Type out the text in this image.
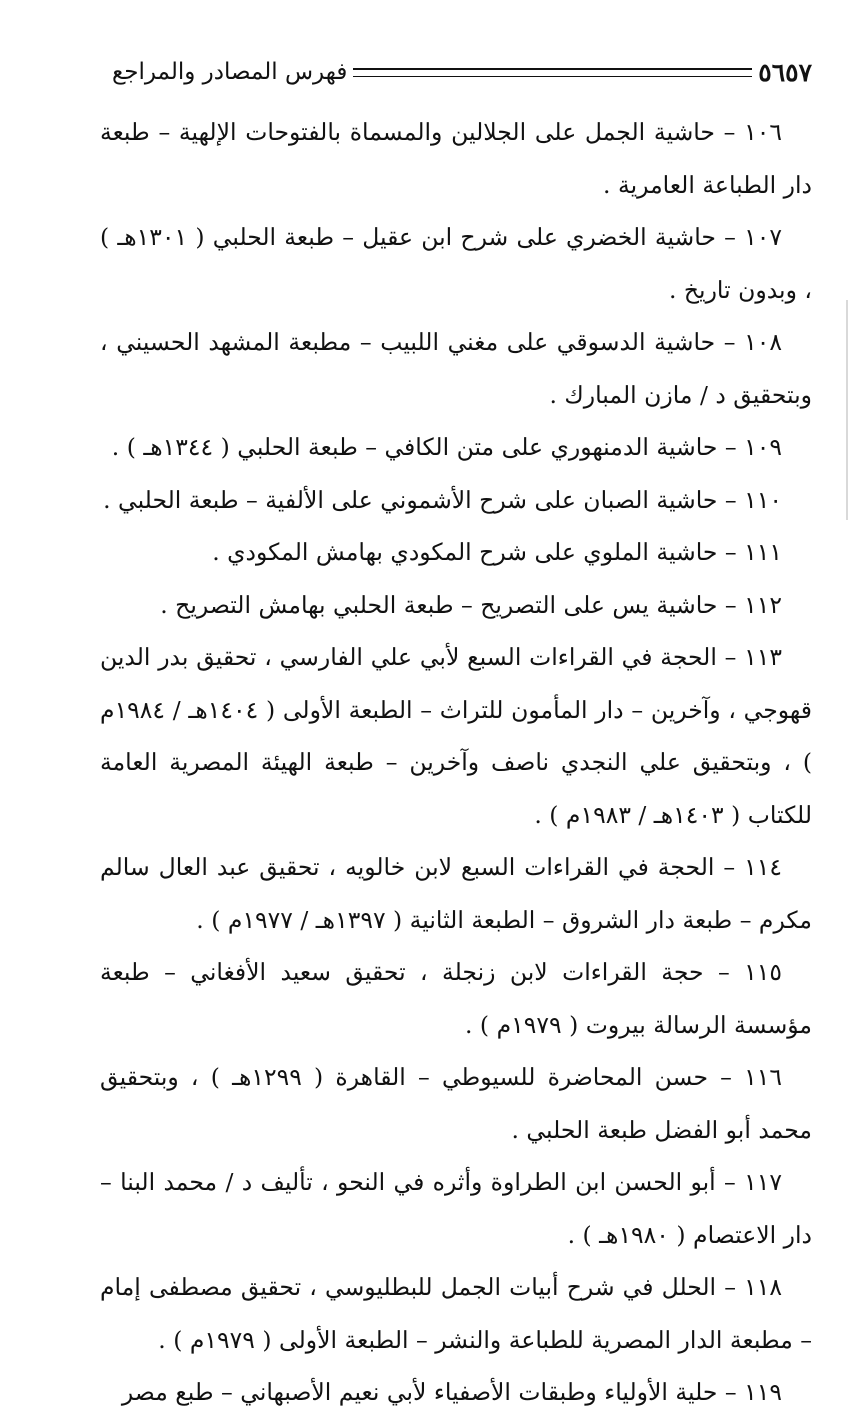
فهرس المصادر والمراجع	٥٦٥٧

١٠٦ – حاشية الجمل على الجلالين والمسماة بالفتوحات الإلهية – طبعة دار الطباعة العامرية .

١٠٧ – حاشية الخضري على شرح ابن عقيل – طبعة الحلبي ( ١٣٠١هـ ) ، وبدون تاريخ .

١٠٨ – حاشية الدسوقي على مغني اللبيب – مطبعة المشهد الحسيني ، وبتحقيق د / مازن المبارك .

١٠٩ – حاشية الدمنهوري على متن الكافي – طبعة الحلبي ( ١٣٤٤هـ ) .

١١٠ – حاشية الصبان على شرح الأشموني على الألفية – طبعة الحلبي .

١١١ – حاشية الملوي على شرح المكودي بهامش المكودي .

١١٢ – حاشية يس على التصريح – طبعة الحلبي بهامش التصريح .

١١٣ – الحجة في القراءات السبع لأبي علي الفارسي ، تحقيق بدر الدين قهوجي ، وآخرين – دار المأمون للتراث – الطبعة الأولى ( ١٤٠٤هـ / ١٩٨٤م ) ، وبتحقيق علي النجدي ناصف وآخرين – طبعة الهيئة المصرية العامة للكتاب ( ١٤٠٣هـ / ١٩٨٣م ) .

١١٤ – الحجة في القراءات السبع لابن خالويه ، تحقيق عبد العال سالم مكرم – طبعة دار الشروق – الطبعة الثانية ( ١٣٩٧هـ / ١٩٧٧م ) .

١١٥ – حجة القراءات لابن زنجلة ، تحقيق سعيد الأفغاني – طبعة مؤسسة الرسالة بيروت ( ١٩٧٩م ) .

١١٦ – حسن المحاضرة للسيوطي – القاهرة ( ١٢٩٩هـ ) ، وبتحقيق محمد أبو الفضل طبعة الحلبي .

١١٧ – أبو الحسن ابن الطراوة وأثره في النحو ، تأليف د / محمد البنا – دار الاعتصام ( ١٩٨٠هـ ) .

١١٨ – الحلل في شرح أبيات الجمل للبطليوسي ، تحقيق مصطفى إمام – مطبعة الدار المصرية للطباعة والنشر – الطبعة الأولى ( ١٩٧٩م ) .

١١٩ – حلية الأولياء وطبقات الأصفياء لأبي نعيم الأصبهاني – طبع مصر
